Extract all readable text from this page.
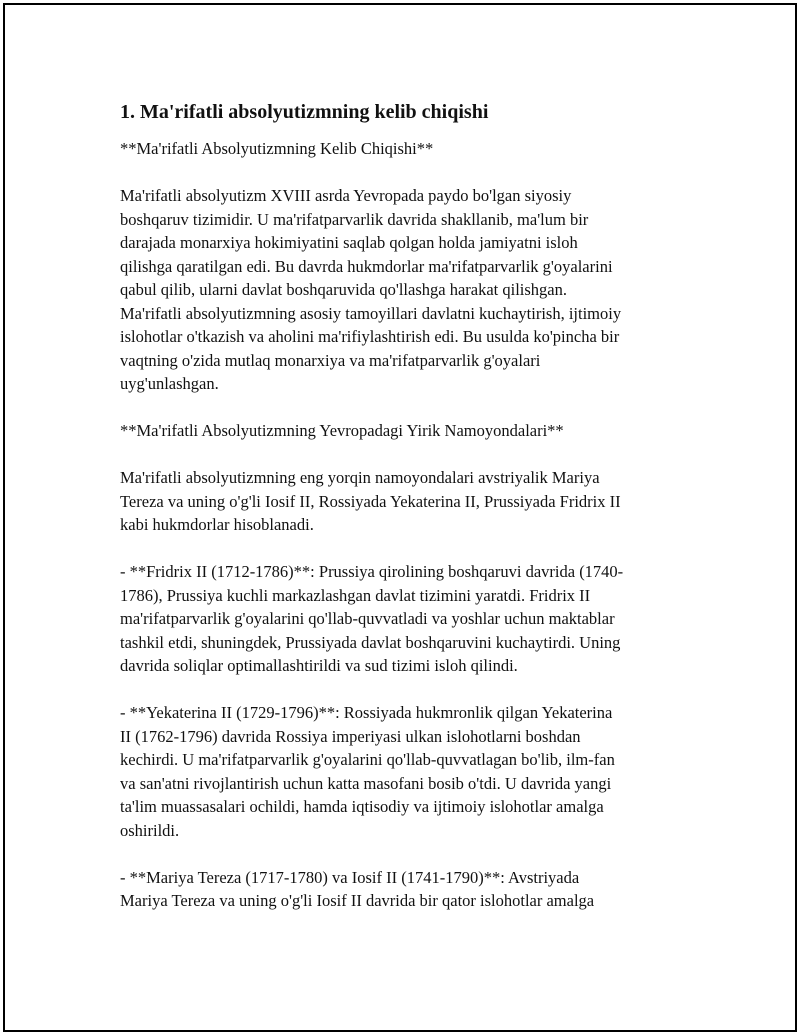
1. Ma'rifatli absolyutizmning kelib chiqishi

**Ma'rifatli Absolyutizmning Kelib Chiqishi**

Ma'rifatli absolyutizm XVIII asrda Yevropada paydo bo'lgan siyosiy
boshqaruv tizimidir. U ma'rifatparvarlik davrida shakllanib, ma'lum bir
darajada monarxiya hokimiyatini saqlab qolgan holda jamiyatni isloh
qilishga qaratilgan edi. Bu davrda hukmdorlar ma'rifatparvarlik g'oyalarini
qabul qilib, ularni davlat boshqaruvida qo'llashga harakat qilishgan.
Ma'rifatli absolyutizmning asosiy tamoyillari davlatni kuchaytirish, ijtimoiy
islohotlar o'tkazish va aholini ma'rifiylashtirish edi. Bu usulda ko'pincha bir
vaqtning o'zida mutlaq monarxiya va ma'rifatparvarlik g'oyalari
uyg'unlashgan.

**Ma'rifatli Absolyutizmning Yevropadagi Yirik Namoyondalari**

Ma'rifatli absolyutizmning eng yorqin namoyondalari avstriyalik Mariya
Tereza va uning o'g'li Iosif II, Rossiyada Yekaterina II, Prussiyada Fridrix II
kabi hukmdorlar hisoblanadi.

- **Fridrix II (1712-1786)**: Prussiya qirolining boshqaruvi davrida (1740-
1786), Prussiya kuchli markazlashgan davlat tizimini yaratdi. Fridrix II
ma'rifatparvarlik g'oyalarini qo'llab-quvvatladi va yoshlar uchun maktablar
tashkil etdi, shuningdek, Prussiyada davlat boshqaruvini kuchaytirdi. Uning
davrida soliqlar optimallashtirildi va sud tizimi isloh qilindi.

- **Yekaterina II (1729-1796)**: Rossiyada hukmronlik qilgan Yekaterina
II (1762-1796) davrida Rossiya imperiyasi ulkan islohotlarni boshdan
kechirdi. U ma'rifatparvarlik g'oyalarini qo'llab-quvvatlagan bo'lib, ilm-fan
va san'atni rivojlantirish uchun katta masofani bosib o'tdi. U davrida yangi
ta'lim muassasalari ochildi, hamda iqtisodiy va ijtimoiy islohotlar amalga
oshirildi.

- **Mariya Tereza (1717-1780) va Iosif II (1741-1790)**: Avstriyada
Mariya Tereza va uning o'g'li Iosif II davrida bir qator islohotlar amalga
